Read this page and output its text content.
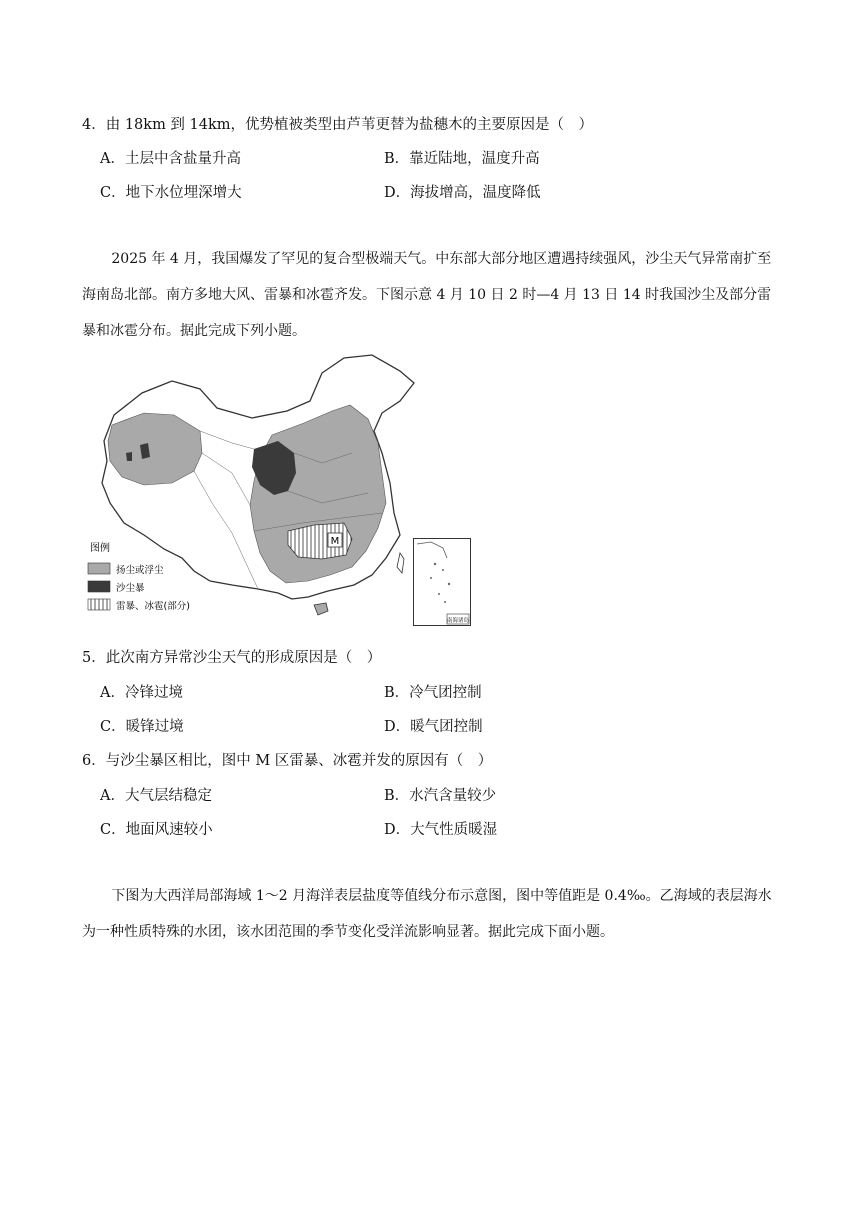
4．由 18km 到 14km，优势植被类型由芦苇更替为盐穗木的主要原因是（　）
A．土层中含盐量升高	B．靠近陆地，温度升高
C．地下水位埋深增大	D．海拔增高，温度降低

2025 年 4 月，我国爆发了罕见的复合型极端天气。中东部大部分地区遭遇持续强风，沙尘天气异常南扩至海南岛北部。南方多地大风、雷暴和冰雹齐发。下图示意 4 月 10 日 2 时—4 月 13 日 14 时我国沙尘及部分雷暴和冰雹分布。据此完成下列小题。

M
图例
扬尘或浮尘
沙尘暴
雷暴、冰雹(部分)
南海诸岛
5．此次南方异常沙尘天气的形成原因是（　）
A．冷锋过境	B．冷气团控制
C．暖锋过境	D．暖气团控制
6．与沙尘暴区相比，图中 M 区雷暴、冰雹并发的原因有（　）
A．大气层结稳定	B．水汽含量较少
C．地面风速较小	D．大气性质暖湿

下图为大西洋局部海域 1～2 月海洋表层盐度等值线分布示意图，图中等值距是 0.4‰。乙海域的表层海水为一种性质特殊的水团，该水团范围的季节变化受洋流影响显著。据此完成下面小题。
